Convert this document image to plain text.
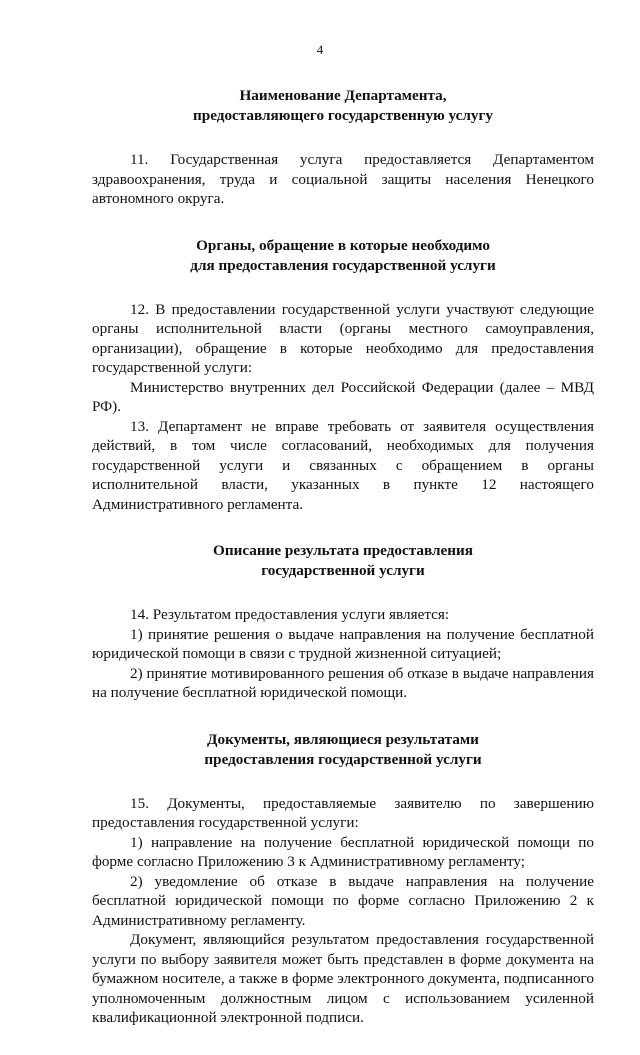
4
Наименование Департамента,
предоставляющего государственную услугу

11. Государственная услуга предоставляется Департаментом здравоохранения, труда и социальной защиты населения Ненецкого автономного округа.

Органы, обращение в которые необходимо
для предоставления государственной услуги

12. В предоставлении государственной услуги участвуют следующие органы исполнительной власти (органы местного самоуправления, организации), обращение в которые необходимо для предоставления государственной услуги:

Министерство внутренних дел Российской Федерации (далее – МВД РФ).

13. Департамент не вправе требовать от заявителя осуществления действий, в том числе согласований, необходимых для получения государственной услуги и связанных с обращением в органы исполнительной власти, указанных в пункте 12 настоящего Административного регламента.

Описание результата предоставления
государственной услуги

14. Результатом предоставления услуги является:

1) принятие решения о выдаче направления на получение бесплатной юридической помощи в связи с трудной жизненной ситуацией;

2) принятие мотивированного решения об отказе в выдаче направления на получение бесплатной юридической помощи.

Документы, являющиеся результатами
предоставления государственной услуги

15. Документы, предоставляемые заявителю по завершению предоставления государственной услуги:

1) направление на получение бесплатной юридической помощи по форме согласно Приложению 3 к Административному регламенту;

2) уведомление об отказе в выдаче направления на получение бесплатной юридической помощи по форме согласно Приложению 2 к Административному регламенту.

Документ, являющийся результатом предоставления государственной услуги по выбору заявителя может быть представлен в форме документа на бумажном носителе, а также в форме электронного документа, подписанного уполномоченным должностным лицом с использованием усиленной квалификационной электронной подписи.
